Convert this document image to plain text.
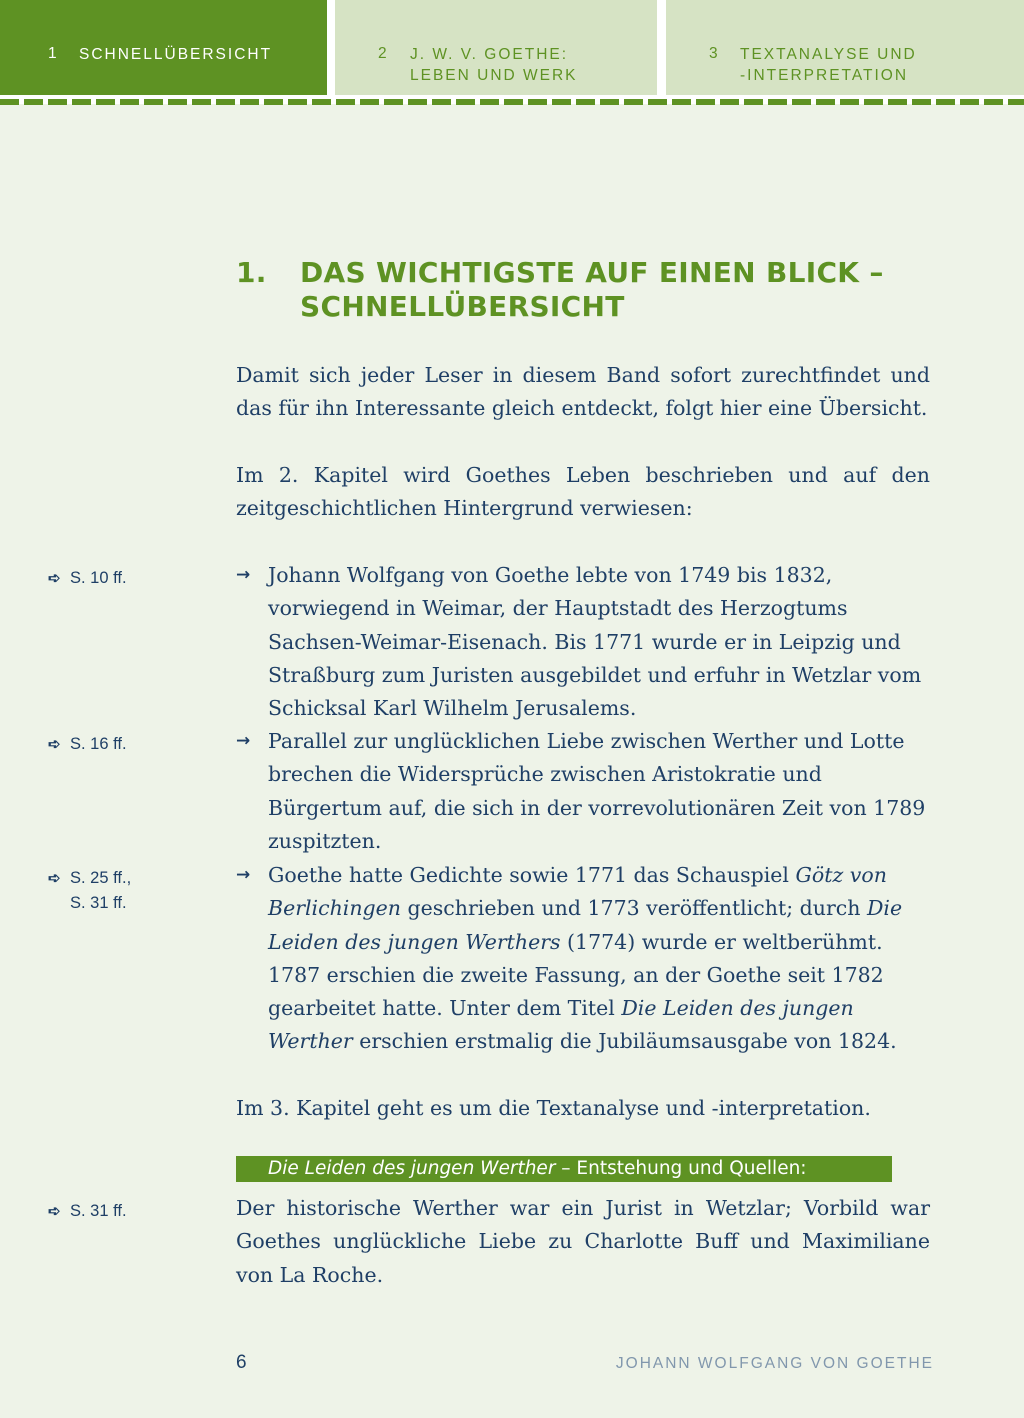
1 SCHNELLÜBERSICHT	2 J. W. V. GOETHE:
LEBEN UND WERK
3 TEXTANALYSE UND
-INTERPRETATION
1. DAS WICHTIGSTE AUF EINEN BLICK –
SCHNELLÜBERSICHT
Damit sich jeder Leser in diesem Band sofort zurechtfindet und das für ihn Interessante gleich entdeckt, folgt hier eine Übersicht.
Im 2. Kapitel wird Goethes Leben beschrieben und auf den zeitgeschichtlichen Hintergrund verwiesen:
➪ S. 10 ff.
➪ S. 16 ff.
➪ S. 25 ff.,
S. 31 ff.
➪ S. 31 ff.
→ Johann Wolfgang von Goethe lebte von 1749 bis 1832, vorwiegend in Weimar, der Hauptstadt des Herzogtums Sachsen-Weimar-Eisenach. Bis 1771 wurde er in Leipzig und Straßburg zum Juristen ausgebildet und erfuhr in Wetzlar vom Schicksal Karl Wilhelm Jerusalems.
→ Parallel zur unglücklichen Liebe zwischen Werther und Lotte brechen die Widersprüche zwischen Aristokratie und Bürgertum auf, die sich in der vorrevolutionären Zeit von 1789 zuspitzten.
→ Goethe hatte Gedichte sowie 1771 das Schauspiel Götz von Berlichingen geschrieben und 1773 veröffentlicht; durch Die Leiden des jungen Werthers (1774) wurde er weltberühmt. 1787 erschien die zweite Fassung, an der Goethe seit 1782 gearbeitet hatte. Unter dem Titel Die Leiden des jungen Werther erschien erstmalig die Jubiläumsausgabe von 1824.
Im 3. Kapitel geht es um die Textanalyse und -interpretation.
Die Leiden des jungen Werther – Entstehung und Quellen:
Der historische Werther war ein Jurist in Wetzlar; Vorbild war Goethes unglückliche Liebe zu Charlotte Buff und Maximiliane von La Roche.
6	JOHANN WOLFGANG VON GOETHE
